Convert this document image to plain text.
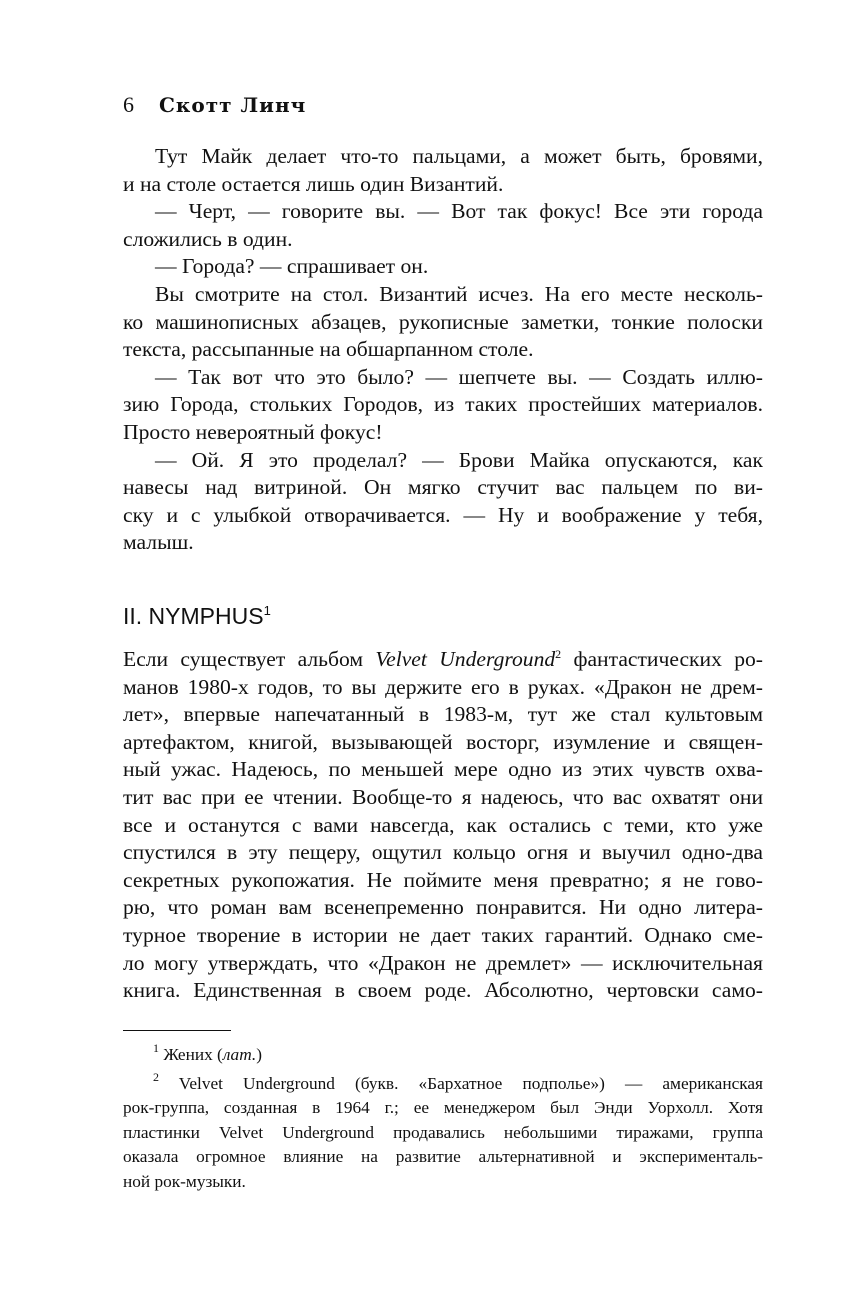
6 Скотт Линч

Тут Майк делает что-то пальцами, а может быть, бровями,
и на столе остается лишь один Византий.

— Черт, — говорите вы. — Вот так фокус! Все эти города
сложились в один.

— Города? — спрашивает он.

Вы смотрите на стол. Византий исчез. На его месте несколь-
ко машинописных абзацев, рукописные заметки, тонкие полоски
текста, рассыпанные на обшарпанном столе.

— Так вот что это было? — шепчете вы. — Создать иллю-
зию Города, стольких Городов, из таких простейших материалов.
Просто невероятный фокус!

— Ой. Я это проделал? — Брови Майка опускаются, как
навесы над витриной. Он мягко стучит вас пальцем по ви-
ску и с улыбкой отворачивается. — Ну и воображение у тебя,
малыш.

II. NYMPHUS$^1$

Если существует альбом Velvet Underground$^2$ фантастических ро-
манов 1980-х годов, то вы держите его в руках. «Дракон не дрем-
лет», впервые напечатанный в 1983-м, тут же стал культовым
артефактом, книгой, вызывающей восторг, изумление и священ-
ный ужас. Надеюсь, по меньшей мере одно из этих чувств охва-
тит вас при ее чтении. Вообще-то я надеюсь, что вас охватят они
все и останутся с вами навсегда, как остались с теми, кто уже
спустился в эту пещеру, ощутил кольцо огня и выучил одно-два
секретных рукопожатия. Не поймите меня превратно; я не гово-
рю, что роман вам всенепременно понравится. Ни одно литера-
турное творение в истории не дает таких гарантий. Однако сме-
ло могу утверждать, что «Дракон не дремлет» — исключительная
книга. Единственная в своем роде. Абсолютно, чертовски само-

$^1$ Жених (лат.)

$^2$ Velvet Underground (букв. «Бархатное подполье») — американская
рок-группа, созданная в 1964 г.; ее менеджером был Энди Уорхолл. Хотя
пластинки Velvet Underground продавались небольшими тиражами, группа
оказала огромное влияние на развитие альтернативной и эксперименталь-
ной рок-музыки.
